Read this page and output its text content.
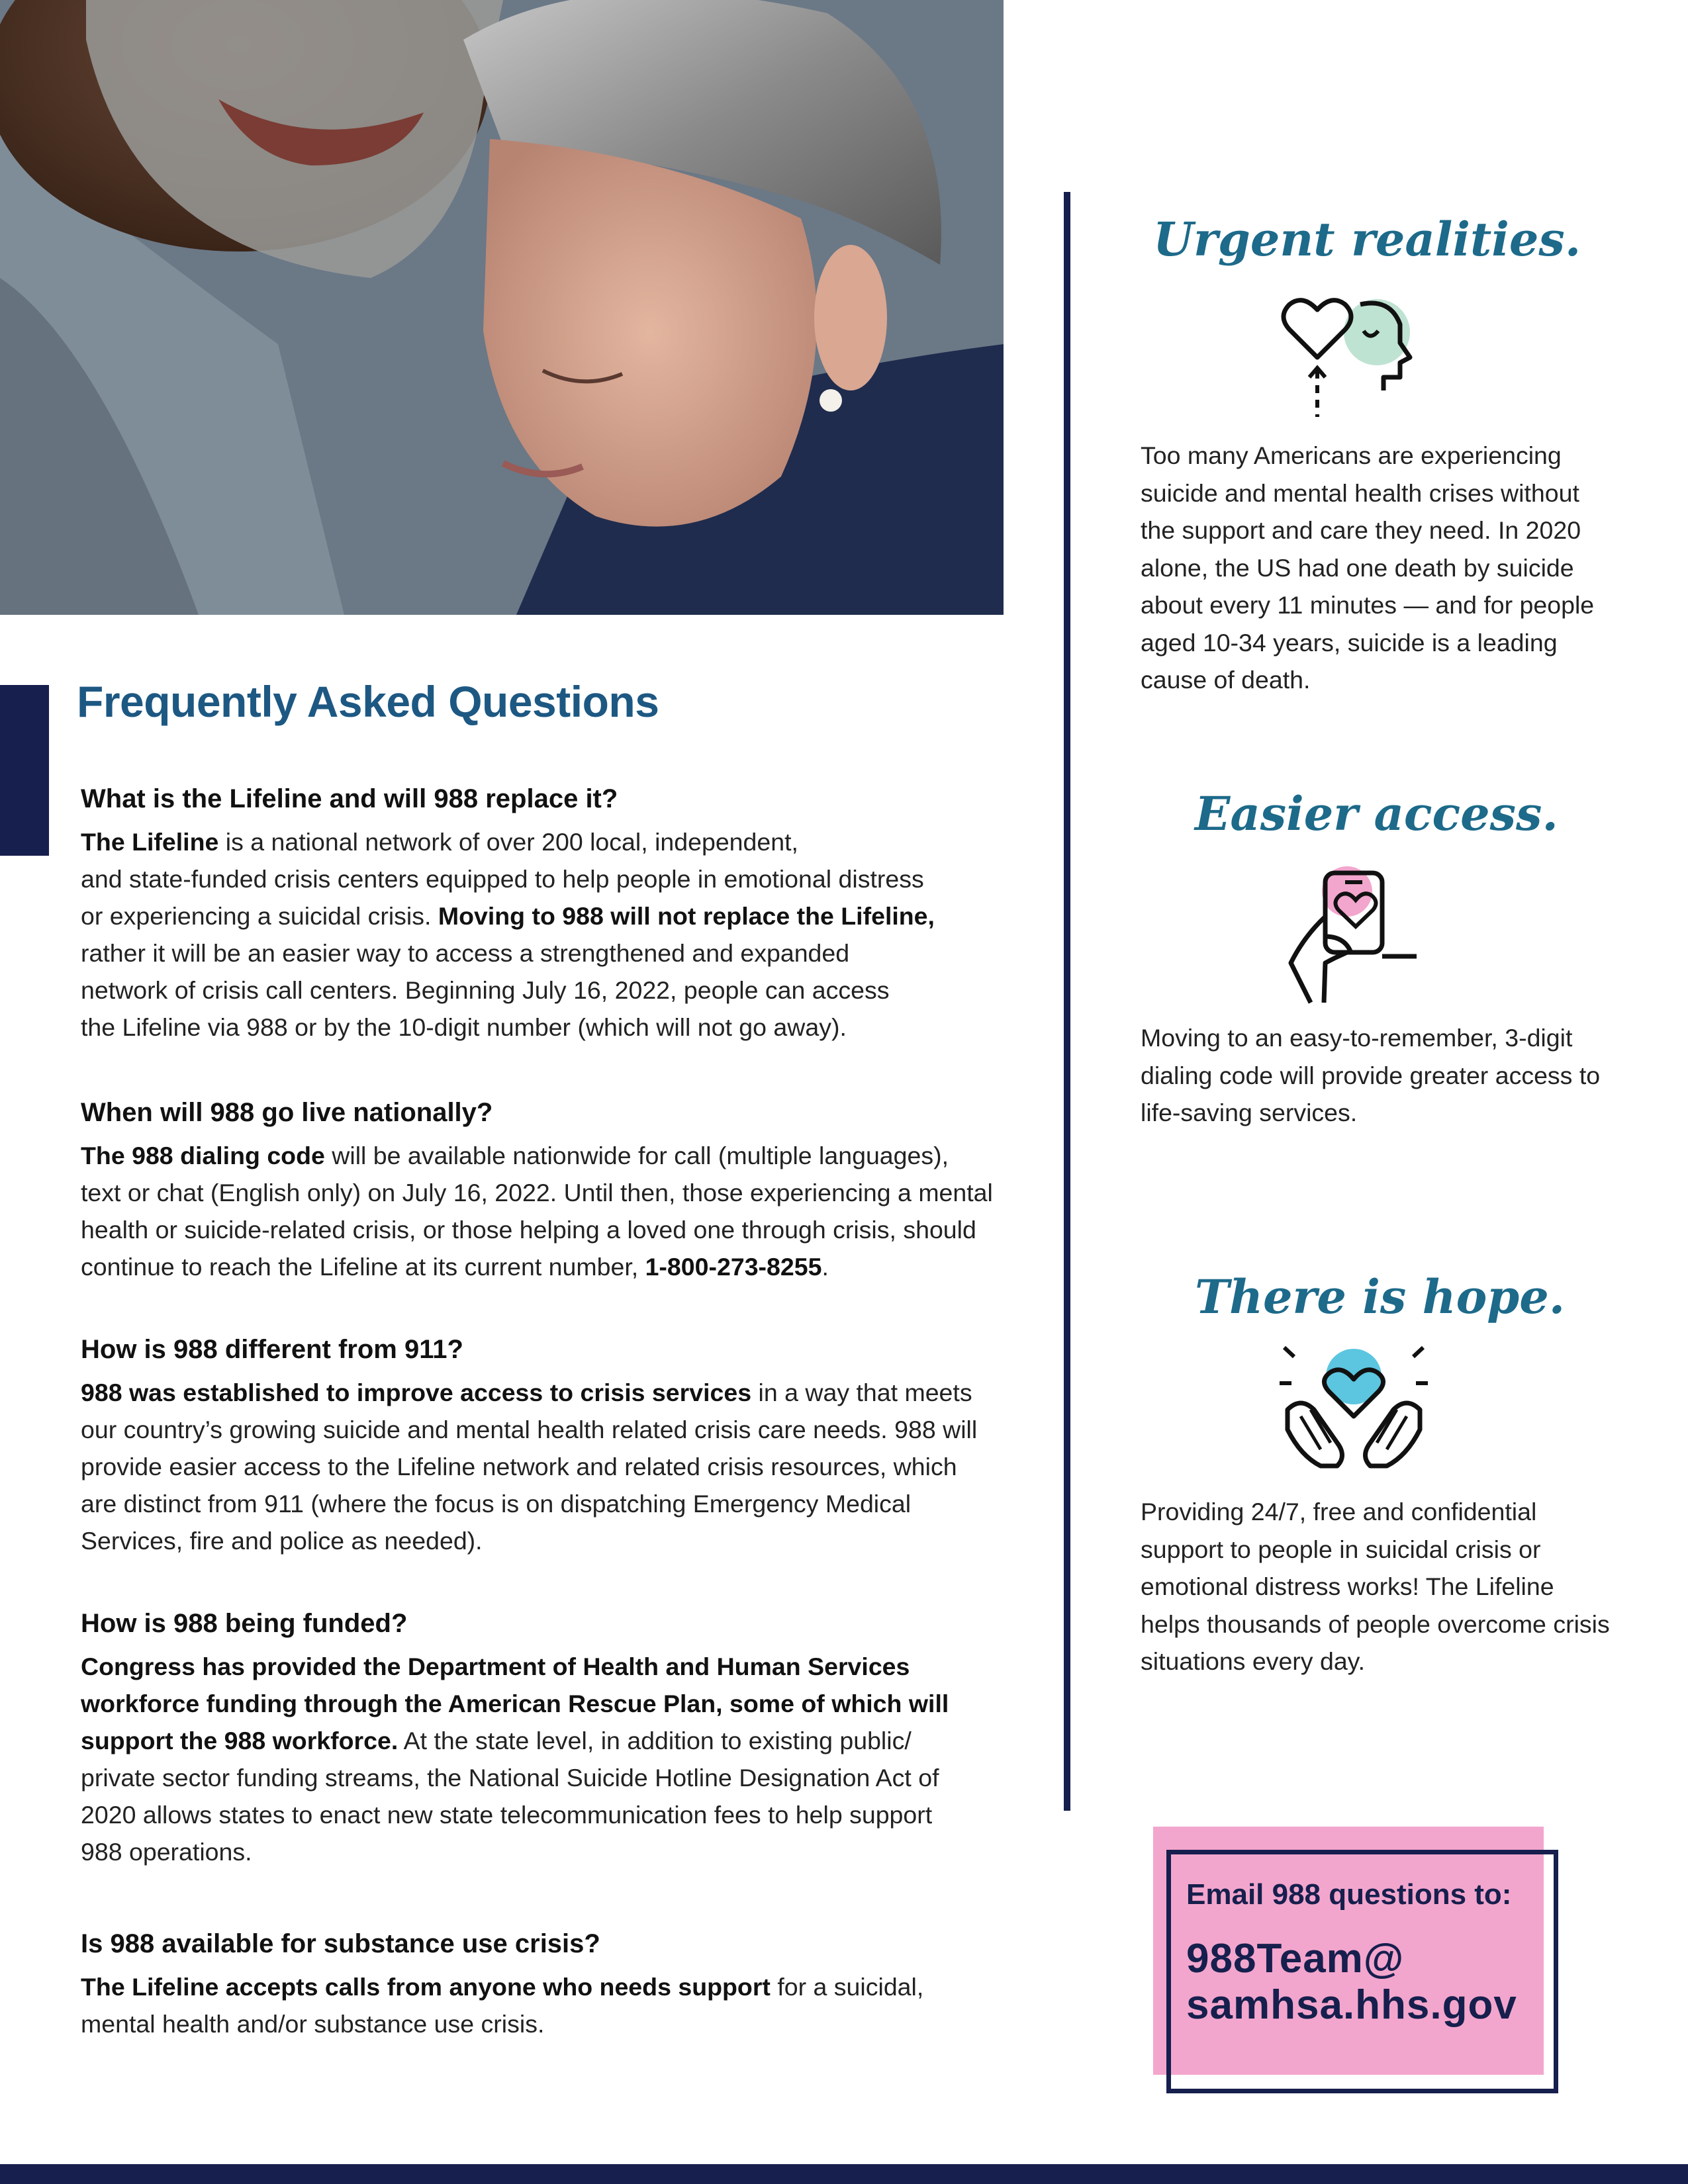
Frequently Asked Questions
What is the Lifeline and will 988 replace it?

The Lifeline is a national network of over 200 local, independent,
and state-funded crisis centers equipped to help people in emotional distress
or experiencing a suicidal crisis. Moving to 988 will not replace the Lifeline,
rather it will be an easier way to access a strengthened and expanded
network of crisis call centers. Beginning July 16, 2022, people can access
the Lifeline via 988 or by the 10-digit number (which will not go away).

When will 988 go live nationally?

The 988 dialing code will be available nationwide for call (multiple languages),
text or chat (English only) on July 16, 2022. Until then, those experiencing a mental
health or suicide-related crisis, or those helping a loved one through crisis, should
continue to reach the Lifeline at its current number, 1-800-273-8255.

How is 988 different from 911?

988 was established to improve access to crisis services in a way that meets
our country’s growing suicide and mental health related crisis care needs. 988 will
provide easier access to the Lifeline network and related crisis resources, which
are distinct from 911 (where the focus is on dispatching Emergency Medical
Services, fire and police as needed).

How is 988 being funded?

Congress has provided the Department of Health and Human Services
workforce funding through the American Rescue Plan, some of which will
support the 988 workforce. At the state level, in addition to existing public/
private sector funding streams, the National Suicide Hotline Designation Act of
2020 allows states to enact new state telecommunication fees to help support
988 operations.

Is 988 available for substance use crisis?

The Lifeline accepts calls from anyone who needs support for a suicidal,
mental health and/or substance use crisis.

Urgent realities.
Too many Americans are experiencing suicide and mental health crises without the support and care they need. In 2020 alone, the US had one death by suicide about every 11 minutes — and for people aged 10-34 years, suicide is a leading cause of death.
Easier access.
Moving to an easy-to-remember, 3-digit dialing code will provide greater access to life-saving services.
There is hope.
Providing 24/7, free and confidential support to people in suicidal crisis or emotional distress works! The Lifeline helps thousands of people overcome crisis situations every day.
Email 988 questions to:
988Team@
samhsa.hhs.gov
